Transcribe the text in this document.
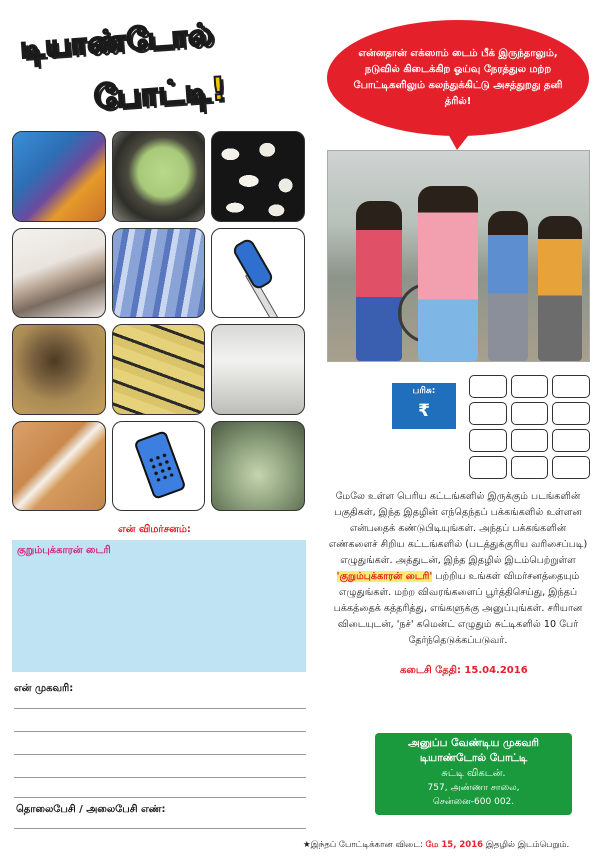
டியாண்டோல்
போட்டி!
என்னதான் எக்ஸாம் டைம் பீக் இருந்தாலும், நடுவில் கிடைக்கிற ஓய்வு நேரத்துல மற்ற போட்டிகளிலும் கலந்துக்கிட்டு அசத்துறது தனி த்ரில்!
பரிசு:
₹ 2,500
மேலே உள்ள பெரிய கட்டங்களில் இருக்கும் படங்களின் பகுதிகள், இந்த இதழின் எந்தெந்தப் பக்கங்களில் உள்ளன என்பதைக் கண்டுபிடியுங்கள். அந்தப் பக்கங்களின் எண்களைச் சிறிய கட்டங்களில் (படத்துக்குரிய வரிசைப்படி) எழுதுங்கள். அத்துடன், இந்த இதழில் இடம்பெற்றுள்ள 'குறும்புக்காரன் டைரி' பற்றிய உங்கள் விமர்சனத்தையும் எழுதுங்கள். மற்ற விவரங்களைப் பூர்த்திசெய்து, இந்தப் பக்கத்தைக் கத்தரித்து, எங்களுக்கு அனுப்புங்கள். சரியான விடையுடன், 'நச்' கமென்ட் எழுதும் சுட்டிகளில் 10 பேர் தேர்ந்தெடுக்கப்படுவர்.
கடைசி தேதி: 15.04.2016
என் விமர்சனம்:
குறும்புக்காரன் டைரி
என் முகவரி:
தொலைபேசி / அலைபேசி எண்:
அனுப்ப வேண்டிய முகவரி
டியாண்டோல் போட்டி
சுட்டி விகடன்.
757, அண்ணா சாலை,
சென்னை-600 002.
★இந்தப் போட்டிக்கான விடை: மே 15, 2016 இதழில் இடம்பெறும்.
